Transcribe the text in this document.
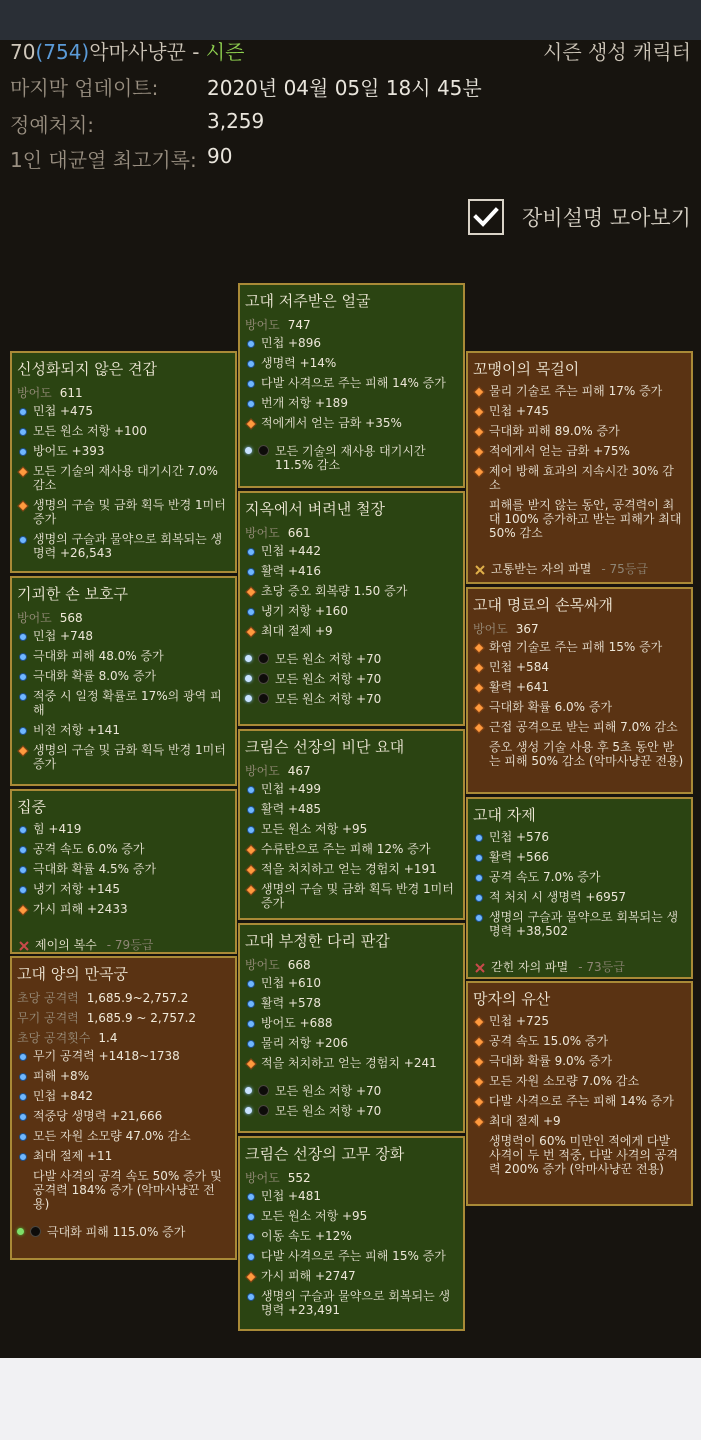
70(754)악마사냥꾼 - 시즌	시즌 생성 캐릭터
마지막 업데이트: 2020년 04월 05일 18시 45분
정예처치:	3,259
1인 대균열 최고기록: 90
장비설명 모아보기
신성화되지 않은 견갑
방어도 611
민첩 +475
모든 원소 저항 +100
방어도 +393
모든 기술의 재사용 대기시간 7.0% 감소
생명의 구슬 및 금화 획득 반경 1미터 증가
생명의 구슬과 물약으로 회복되는 생명력 +26,543
기괴한 손 보호구
방어도 568
민첩 +748
극대화 피해 48.0% 증가
극대화 확률 8.0% 증가
적중 시 일정 확률로 17%의 광역 피해
비전 저항 +141
생명의 구슬 및 금화 획득 반경 1미터 증가
집중
힘 +419
공격 속도 6.0% 증가
극대화 확률 4.5% 증가
냉기 저항 +145
가시 피해 +2433
제이의 복수 - 79등급
고대 양의 만곡궁
초당 공격력 1,685.9~2,757.2
무기 공격력 1,685.9 ~ 2,757.2
초당 공격횟수 1.4
무기 공격력 +1418~1738
피해 +8%
민첩 +842
적중당 생명력 +21,666
모든 자원 소모량 47.0% 감소
최대 절제 +11
다발 사격의 공격 속도 50% 증가 및 공격력 184% 증가 (악마사냥꾼 전용)
극대화 피해 115.0% 증가
고대 저주받은 얼굴
방어도 747
민첩 +896
생명력 +14%
다발 사격으로 주는 피해 14% 증가
번개 저항 +189
적에게서 얻는 금화 +35%
모든 기술의 재사용 대기시간 11.5% 감소
지옥에서 벼려낸 철장
방어도 661
민첩 +442
활력 +416
초당 증오 회복량 1.50 증가
냉기 저항 +160
최대 절제 +9
모든 원소 저항 +70
모든 원소 저항 +70
모든 원소 저항 +70
크림슨 선장의 비단 요대
방어도 467
민첩 +499
활력 +485
모든 원소 저항 +95
수류탄으로 주는 피해 12% 증가
적을 처치하고 얻는 경험치 +191
생명의 구슬 및 금화 획득 반경 1미터 증가
고대 부정한 다리 판갑
방어도 668
민첩 +610
활력 +578
방어도 +688
물리 저항 +206
적을 처치하고 얻는 경험치 +241
모든 원소 저항 +70
모든 원소 저항 +70
크림슨 선장의 고무 장화
방어도 552
민첩 +481
모든 원소 저항 +95
이동 속도 +12%
다발 사격으로 주는 피해 15% 증가
가시 피해 +2747
생명의 구슬과 물약으로 회복되는 생명력 +23,491
꼬맹이의 목걸이
물리 기술로 주는 피해 17% 증가
민첩 +745
극대화 피해 89.0% 증가
적에게서 얻는 금화 +75%
제어 방해 효과의 지속시간 30% 감소
피해를 받지 않는 동안, 공격력이 최대 100% 증가하고 받는 피해가 최대 50% 감소
고통받는 자의 파멸 - 75등급
고대 명료의 손목싸개
방어도 367
화염 기술로 주는 피해 15% 증가
민첩 +584
활력 +641
극대화 확률 6.0% 증가
근접 공격으로 받는 피해 7.0% 감소
증오 생성 기술 사용 후 5초 동안 받는 피해 50% 감소 (악마사냥꾼 전용)
고대 자제
민첩 +576
활력 +566
공격 속도 7.0% 증가
적 처치 시 생명력 +6957
생명의 구슬과 물약으로 회복되는 생명력 +38,502
갇힌 자의 파멸 - 73등급
망자의 유산
민첩 +725
공격 속도 15.0% 증가
극대화 확률 9.0% 증가
모든 자원 소모량 7.0% 감소
다발 사격으로 주는 피해 14% 증가
최대 절제 +9
생명력이 60% 미만인 적에게 다발 사격이 두 번 적중, 다발 사격의 공격력 200% 증가 (악마사냥꾼 전용)
